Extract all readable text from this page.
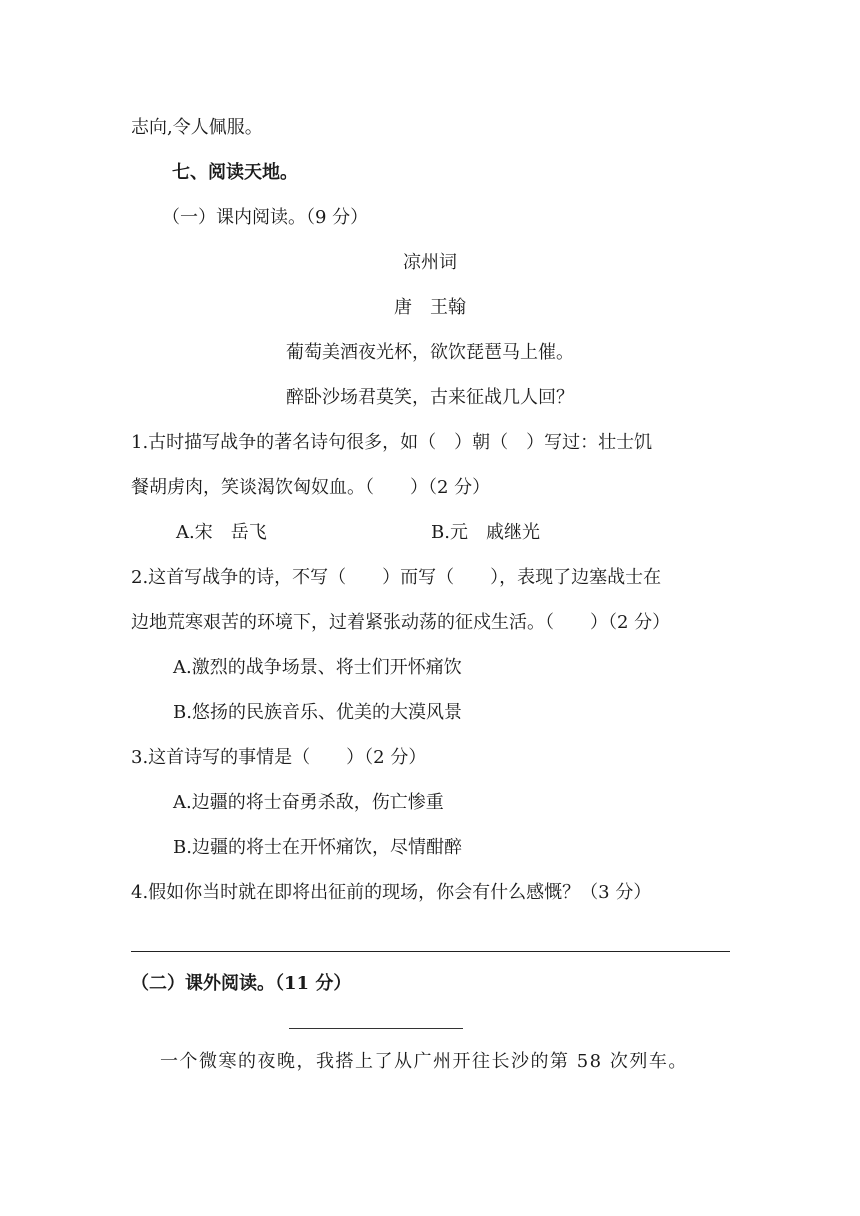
志向,令人佩服。
七、阅读天地。
（一）课内阅读。（9 分）
凉州词
唐　王翰
葡萄美酒夜光杯，欲饮琵琶马上催。
醉卧沙场君莫笑，古来征战几人回？
1.古时描写战争的著名诗句很多，如（　）朝（　）写过：壮士饥
餐胡虏肉，笑谈渴饮匈奴血。（　　）（2 分）
A.宋　岳飞	B.元　戚继光
2.这首写战争的诗，不写（　　）而写（　　），表现了边塞战士在
边地荒寒艰苦的环境下，过着紧张动荡的征戍生活。（　　）（2 分）
A.激烈的战争场景、将士们开怀痛饮
B.悠扬的民族音乐、优美的大漠风景
3.这首诗写的事情是（　　）（2 分）
A.边疆的将士奋勇杀敌，伤亡惨重
B.边疆的将士在开怀痛饮，尽情酣醉
4.假如你当时就在即将出征前的现场，你会有什么感慨？（3 分）
（二）课外阅读。（11 分）
一个微寒的夜晚，我搭上了从广州开往长沙的第 58 次列车。
